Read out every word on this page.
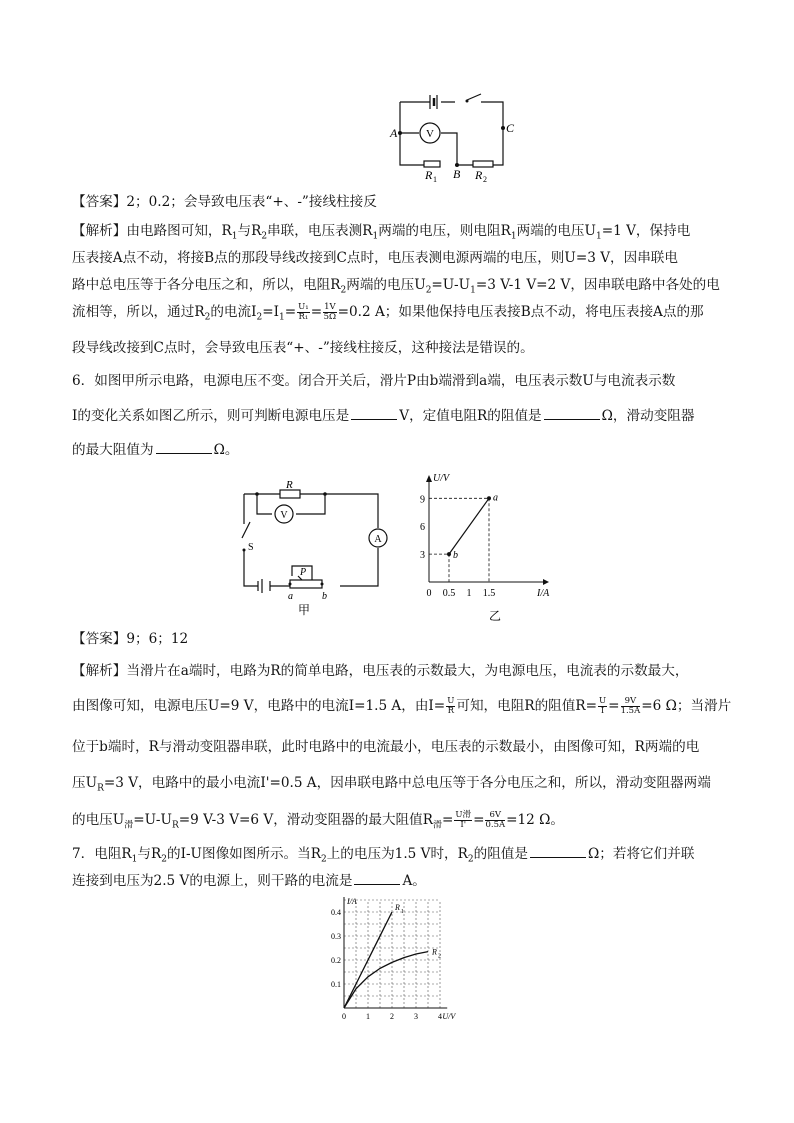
V
A	C
B
R 1	R 2
【答案】2；0.2；会导致电压表“+、-”接线柱接反
【解析】由电路图可知，$R_1$与$R_2$串联，电压表测$R_1$两端的电压，则电阻$R_1$两端的电压$U_1=1$ V，保持电
压表接A点不动，将接B点的那段导线改接到C点时，电压表测电源两端的电压，则U=3 V，因串联电
路中总电压等于各分电压之和，所以，电阻$R_2$两端的电压$U_2=U-U_1=3$ V-1 V=2 V，因串联电路中各处的电
流相等，所以，通过$R_2$的电流$I_2=I_1= \frac{\text{U₁}}{\text{R₁}} = \frac{1V}{5\Omega} =0.2$ A；如果他保持电压表接B点不动，将电压表接A点的那
段导线改接到C点时，会导致电压表“+、-”接线柱接反，这种接法是错误的。
6．如图甲所示电路，电源电压不变。闭合开关后，滑片P由b端滑到a端，电压表示数U与电流表示数
I的变化关系如图乙所示，则可判断电源电压是	V，定值电阻R的阻值是	Ω，滑动变阻器
的最大阻值为	Ω。
V
A
R
S
P
a	b
甲	乙
U/V
I/A
3
6
9
0 0.5 1 1.5
a
b
【答案】9；6；12
【解析】当滑片在a端时，电路为R的简单电路，电压表的示数最大，为电源电压，电流表的示数最大，
由图像可知，电源电压U=9 V，电路中的电流I=1.5 A，由$I= \frac{U}{R}$ 可知，电阻R的阻值$R= \frac{U}{I} = \frac{9V}{1.5A} =6$ Ω；当滑片
位于b端时，R与滑动变阻器串联，此时电路中的电流最小，电压表的示数最小，由图像可知，R两端的电
压$U_R=3$ V，电路中的最小电流I'=0.5 A，因串联电路中总电压等于各分电压之和，所以，滑动变阻器两端
的电压$U_滑=U-U_R=9$ V-3 V=6 V，滑动变阻器的最大阻值$R_滑= \frac{\text{U滑}}{I'} = \frac{6V}{0.5A} =12$ Ω。
7．电阻$R_1$与$R_2$的I-U图像如图所示。当$R_2$上的电压为1.5 V时，$R_2$的阻值是	Ω；若将它们并联
连接到电压为2.5 V的电源上，则干路的电流是	A。
I/A
U/V
0.1
0.2
0.3
0.4
0	1	2	3	4
R 1
R 2
